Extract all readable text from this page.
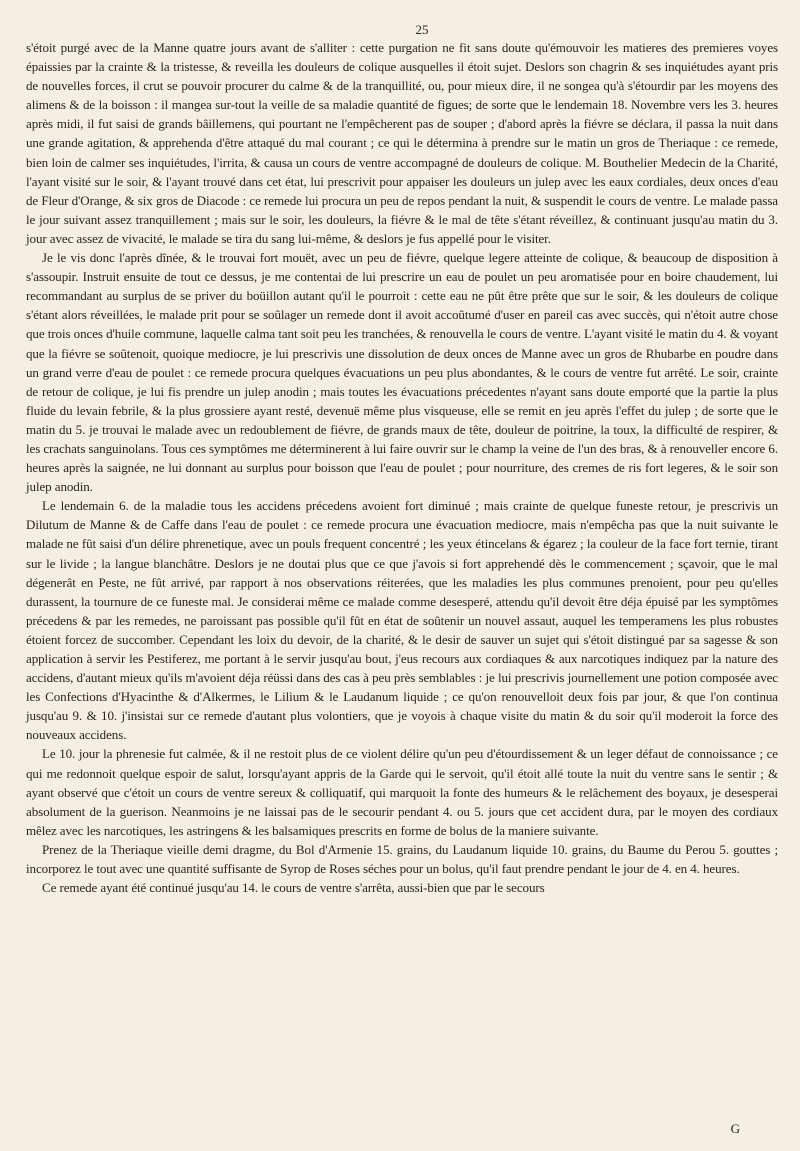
25

s'étoit purgé avec de la Manne quatre jours avant de s'alliter : cette purgation ne fit sans doute qu'émouvoir les matieres des premieres voyes épaissies par la crainte & la tristesse, & reveilla les douleurs de colique ausquelles il étoit sujet. Deslors son chagrin & ses inquiétudes ayant pris de nouvelles forces, il crut se pouvoir procurer du calme & de la tranquillité, ou, pour mieux dire, il ne songea qu'à s'étourdir par les moyens des alimens & de la boisson : il mangea sur-tout la veille de sa maladie quantité de figues; de sorte que le lendemain 18. Novembre vers les 3. heures après midi, il fut saisi de grands bâillemens, qui pourtant ne l'empêcherent pas de souper ; d'abord après la fiévre se déclara, il passa la nuit dans une grande agitation, & apprehenda d'être attaqué du mal courant ; ce qui le détermina à prendre sur le matin un gros de Theriaque : ce remede, bien loin de calmer ses inquiétudes, l'irrita, & causa un cours de ventre accompagné de douleurs de colique. M. Bouthelier Medecin de la Charité, l'ayant visité sur le soir, & l'ayant trouvé dans cet état, lui prescrivit pour appaiser les douleurs un julep avec les eaux cordiales, deux onces d'eau de Fleur d'Orange, & six gros de Diacode : ce remede lui procura un peu de repos pendant la nuit, & suspendit le cours de ventre. Le malade passa le jour suivant assez tranquillement ; mais sur le soir, les douleurs, la fiévre & le mal de tête s'étant réveillez, & continuant jusqu'au matin du 3. jour avec assez de vivacité, le malade se tira du sang lui-même, & deslors je fus appellé pour le visiter.

Je le vis donc l'après dînée, & le trouvai fort mouët, avec un peu de fiévre, quelque legere atteinte de colique, & beaucoup de disposition à s'assoupir. Instruit ensuite de tout ce dessus, je me contentai de lui prescrire un eau de poulet un peu aromatisée pour en boire chaudement, lui recommandant au surplus de se priver du boüillon autant qu'il le pourroit : cette eau ne pût être prête que sur le soir, & les douleurs de colique s'étant alors réveillées, le malade prit pour se soûlager un remede dont il avoit accoûtumé d'user en pareil cas avec succès, qui n'étoit autre chose que trois onces d'huile commune, laquelle calma tant soit peu les tranchées, & renouvella le cours de ventre. L'ayant visité le matin du 4. & voyant que la fiévre se soûtenoit, quoique mediocre, je lui prescrivis une dissolution de deux onces de Manne avec un gros de Rhubarbe en poudre dans un grand verre d'eau de poulet : ce remede procura quelques évacuations un peu plus abondantes, & le cours de ventre fut arrêté. Le soir, crainte de retour de colique, je lui fis prendre un julep anodin ; mais toutes les évacuations précedentes n'ayant sans doute emporté que la partie la plus fluide du levain febrile, & la plus grossiere ayant resté, devenuë même plus visqueuse, elle se remit en jeu après l'effet du julep ; de sorte que le matin du 5. je trouvai le malade avec un redoublement de fiévre, de grands maux de tête, douleur de poitrine, la toux, la difficulté de respirer, & les crachats sanguinolans. Tous ces symptômes me déterminerent à lui faire ouvrir sur le champ la veine de l'un des bras, & à renouveller encore 6. heures après la saignée, ne lui donnant au surplus pour boisson que l'eau de poulet ; pour nourriture, des cremes de ris fort legeres, & le soir son julep anodin.

Le lendemain 6. de la maladie tous les accidens précedens avoient fort diminué ; mais crainte de quelque funeste retour, je prescrivis un Dilutum de Manne & de Caffe dans l'eau de poulet : ce remede procura une évacuation mediocre, mais n'empêcha pas que la nuit suivante le malade ne fût saisi d'un délire phrenetique, avec un pouls frequent concentré ; les yeux étincelans & égarez ; la couleur de la face fort ternie, tirant sur le livide ; la langue blanchâtre. Deslors je ne doutai plus que ce que j'avois si fort apprehendé dès le commencement ; sçavoir, que le mal dégenerât en Peste, ne fût arrivé, par rapport à nos observations réiterées, que les maladies les plus communes prenoient, pour peu qu'elles durassent, la tournure de ce funeste mal. Je considerai même ce malade comme desesperé, attendu qu'il devoit être déja épuisé par les symptômes précedens & par les remedes, ne paroissant pas possible qu'il fût en état de soûtenir un nouvel assaut, auquel les temperamens les plus robustes étoient forcez de succomber. Cependant les loix du devoir, de la charité, & le desir de sauver un sujet qui s'étoit distingué par sa sagesse & son application à servir les Pestiferez, me portant à le servir jusqu'au bout, j'eus recours aux cordiaques & aux narcotiques indiquez par la nature des accidens, d'autant mieux qu'ils m'avoient déja réüssi dans des cas à peu près semblables : je lui prescrivis journellement une potion composée avec les Confections d'Hyacinthe & d'Alkermes, le Lilium & le Laudanum liquide ; ce qu'on renouvelloit deux fois par jour, & que l'on continua jusqu'au 9. & 10. j'insistai sur ce remede d'autant plus volontiers, que je voyois à chaque visite du matin & du soir qu'il moderoit la force des nouveaux accidens.

Le 10. jour la phrenesie fut calmée, & il ne restoit plus de ce violent délire qu'un peu d'étourdissement & un leger défaut de connoissance ; ce qui me redonnoit quelque espoir de salut, lorsqu'ayant appris de la Garde qui le servoit, qu'il étoit allé toute la nuit du ventre sans le sentir ; & ayant observé que c'étoit un cours de ventre sereux & colliquatif, qui marquoit la fonte des humeurs & le relâchement des boyaux, je desesperai absolument de la guerison. Neanmoins je ne laissai pas de le secourir pendant 4. ou 5. jours que cet accident dura, par le moyen des cordiaux mêlez avec les narcotiques, les astringens & les balsamiques prescrits en forme de bolus de la maniere suivante.

Prenez de la Theriaque vieille demi dragme, du Bol d'Armenie 15. grains, du Laudanum liquide 10. grains, du Baume du Perou 5. gouttes ; incorporez le tout avec une quantité suffisante de Syrop de Roses séches pour un bolus, qu'il faut prendre pendant le jour de 4. en 4. heures.

Ce remede ayant été continué jusqu'au 14. le cours de ventre s'arrêta, aussi-bien que par le secours

G
